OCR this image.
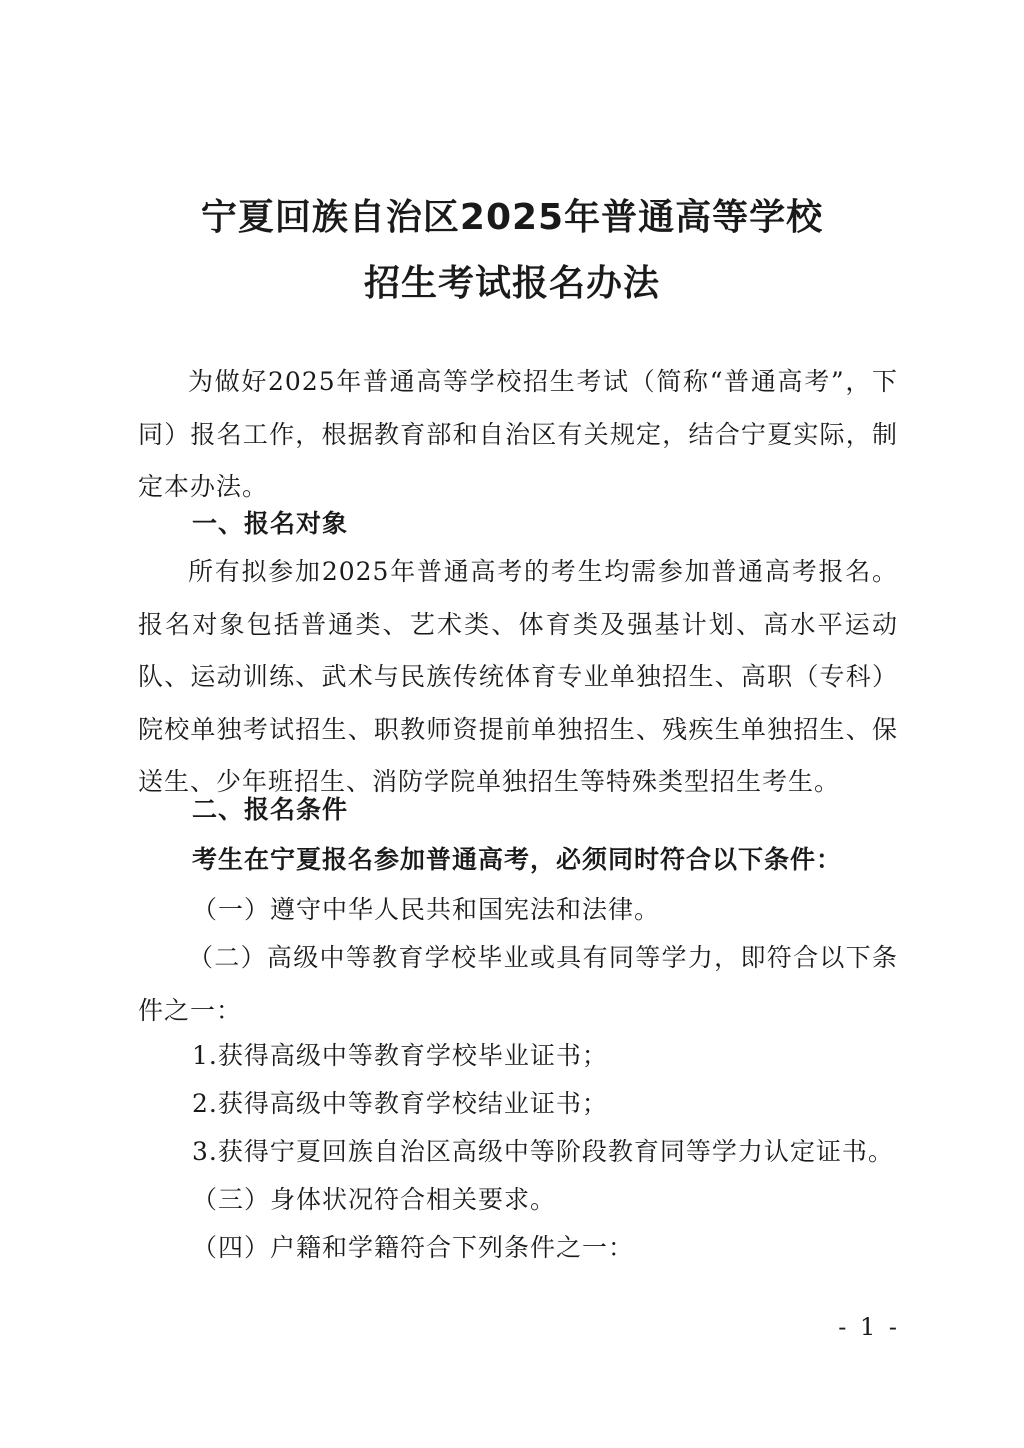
宁夏回族自治区2025年普通高等学校
招生考试报名办法

为做好2025年普通高等学校招生考试（简称“普通高考”，下同）报名工作，根据教育部和自治区有关规定，结合宁夏实际，制定本办法。

一、报名对象

所有拟参加2025年普通高考的考生均需参加普通高考报名。报名对象包括普通类、艺术类、体育类及强基计划、高水平运动队、运动训练、武术与民族传统体育专业单独招生、高职（专科）院校单独考试招生、职教师资提前单独招生、残疾生单独招生、保送生、少年班招生、消防学院单独招生等特殊类型招生考生。

二、报名条件

考生在宁夏报名参加普通高考，必须同时符合以下条件：

（一）遵守中华人民共和国宪法和法律。

（二）高级中等教育学校毕业或具有同等学力，即符合以下条件之一：

1.获得高级中等教育学校毕业证书；

2.获得高级中等教育学校结业证书；

3.获得宁夏回族自治区高级中等阶段教育同等学力认定证书。

（三）身体状况符合相关要求。

（四）户籍和学籍符合下列条件之一：

- 1 -
